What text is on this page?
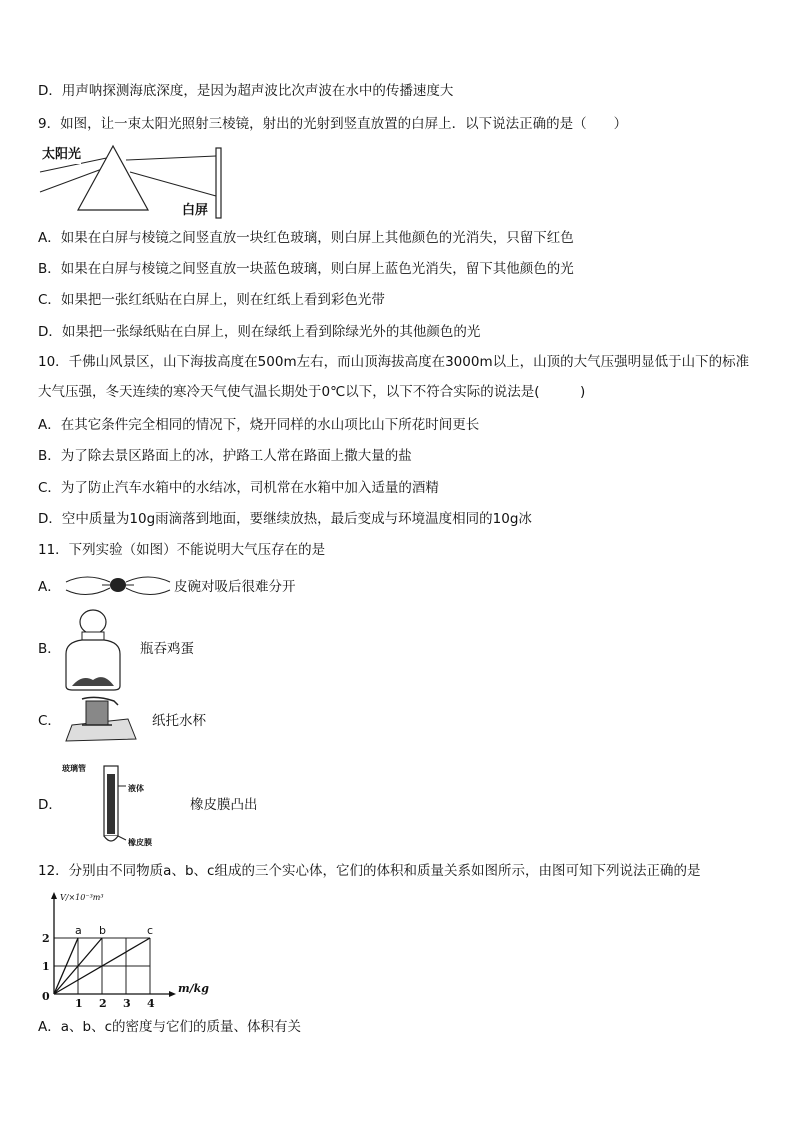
D．用声呐探测海底深度，是因为超声波比次声波在水中的传播速度大
9．如图，让一束太阳光照射三棱镜，射出的光射到竖直放置的白屏上．以下说法正确的是（　　）
太阳光
白屏
A．如果在白屏与棱镜之间竖直放一块红色玻璃，则白屏上其他颜色的光消失，只留下红色
B．如果在白屏与棱镜之间竖直放一块蓝色玻璃，则白屏上蓝色光消失，留下其他颜色的光
C．如果把一张红纸贴在白屏上，则在红纸上看到彩色光带
D．如果把一张绿纸贴在白屏上，则在绿纸上看到除绿光外的其他颜色的光
10．千佛山风景区，山下海拔高度在500m左右，而山顶海拔高度在3000m以上，山顶的大气压强明显低于山下的标准大气压强，冬天连续的寒冷天气使气温长期处于0℃以下，以下不符合实际的说法是(　　　)
A．在其它条件完全相同的情况下，烧开同样的水山项比山下所花时间更长
B．为了除去景区路面上的冰，护路工人常在路面上撒大量的盐
C．为了防止汽车水箱中的水结冰，司机常在水箱中加入适量的酒精
D．空中质量为10g雨滴落到地面，要继续放热，最后变成与环境温度相同的10g冰
11．下列实验（如图）不能说明大气压存在的是
A．	皮碗对吸后很难分开
B．	瓶吞鸡蛋
C．	纸托水杯
D．
玻璃管
液体
橡皮膜
橡皮膜凸出
12．分别由不同物质a、b、c组成的三个实心体，它们的体积和质量关系如图所示，由图可知下列说法正确的是
a b	c
1 2 3 4
1
2
0
m/kg
V/×10⁻³m³
A．a、b、c的密度与它们的质量、体积有关
